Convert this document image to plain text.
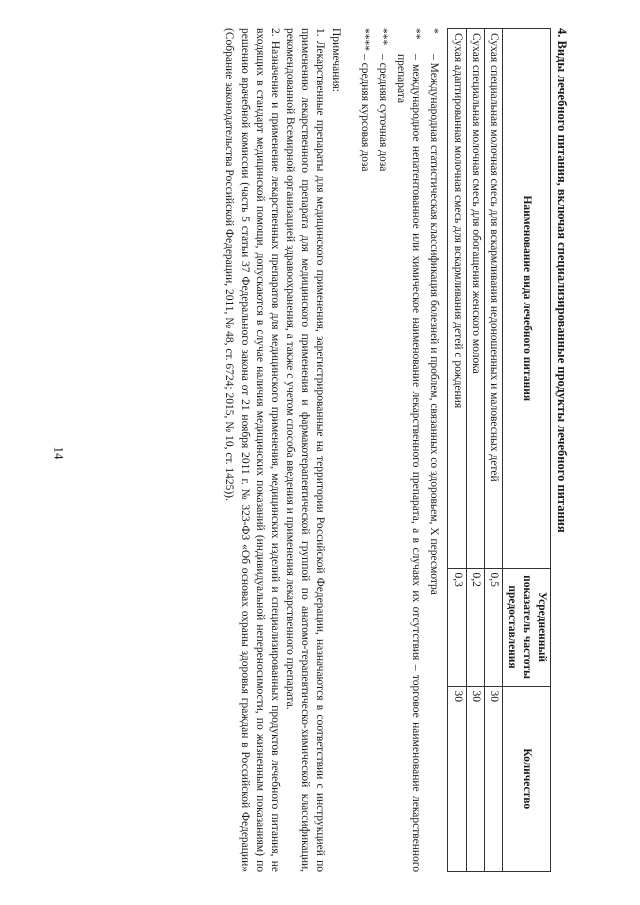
14	4. Виды лечебного питания, включая специализированные продукты лечебного питания
Наименование вида лечебного питания	Усредненный показатель частоты предоставления	Количество
Сухая специальная молочная смесь для вскармливания недоношенных и маловесных детей	0,5	30
Сухая специальная молочная смесь для обогащения женского молока	0,2	30
Сухая адаптированная молочная смесь для вскармливания детей с рождения	0,3	30
*
– Международная статистическая классификация болезней и проблем, связанных со здоровьем, X пересмотра
**
– международное непатентованное или химическое наименование лекарственного препарата, а в случаях их отсутствия – торговое наименование лекарственного препарата
***
– средняя суточная доза
****
– средняя курсовая доза
Примечания:

1. Лекарственные препараты для медицинского применения, зарегистрированные на территории Российской Федерации, назначаются в соответствии с инструкцией по применению лекарственного препарата для медицинского применения и фармакотерапевтической группой по анатомо-терапевтическо-химической классификации, рекомендованной Всемирной организацией здравоохранения, а также с учетом способа введения и применения лекарственного препарата.

2. Назначение и применение лекарственных препаратов для медицинского применения, медицинских изделий и специализированных продуктов лечебного питания, не входящих в стандарт медицинской помощи, допускаются в случае наличия медицинских показаний (индивидуальной непереносимости, по жизненным показаниям) по решению врачебной комиссии (часть 5 статьи 37 Федерального закона от 21 ноября 2011 г. № 323-ФЗ «Об основах охраны здоровья граждан в Российской Федерации» (Собрание законодательства Российской Федерации, 2011, № 48, ст. 6724; 2015, № 10, ст. 1425)).
